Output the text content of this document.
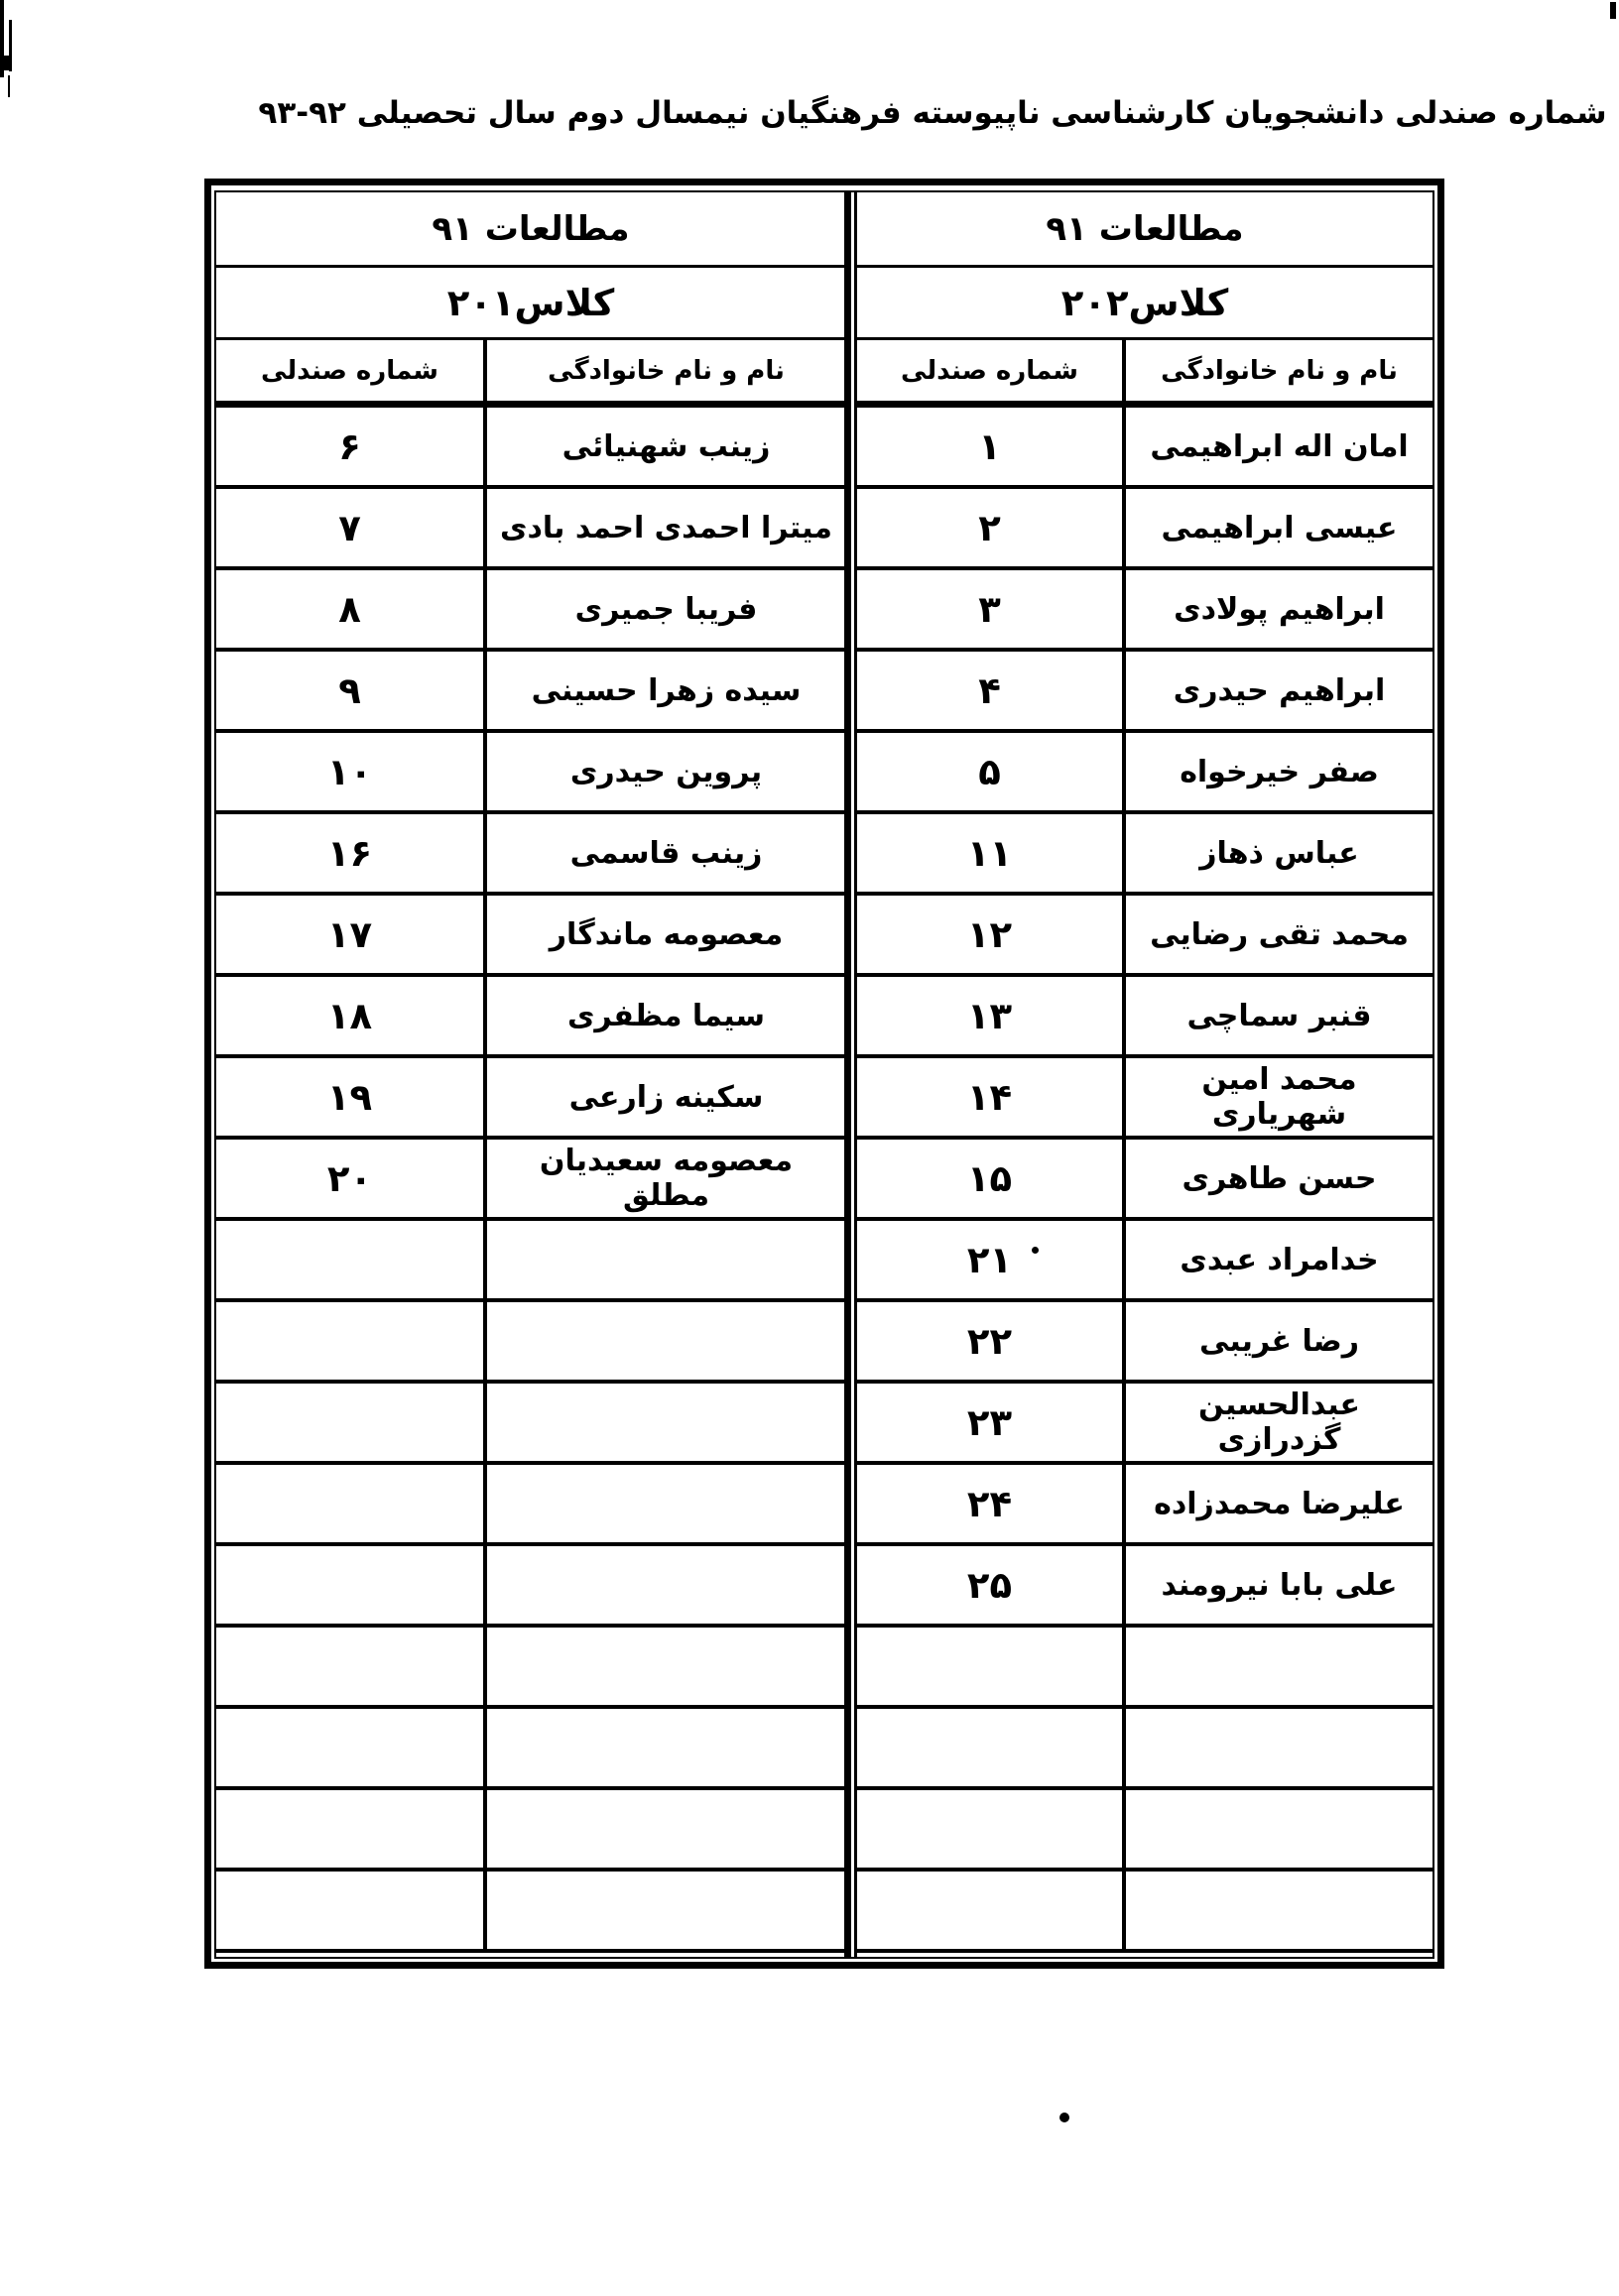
شماره صندلی دانشجویان کارشناسی ناپیوسته فرهنگیان نیمسال دوم سال تحصیلی ۹۲-۹۳
مطالعات ۹۱
کلاس۲۰۲
نام و نام خانوادگی
شماره صندلی
امان اله ابراهیمی
۱
عیسی ابراهیمی
۲
ابراهیم پولادی
۳
ابراهیم حیدری
۴
صفر خیرخواه
۵
عباس ذهاز
۱۱
محمد تقی رضایی
۱۲
قنبر سماچی
۱۳
محمد امین شهریاری
۱۴
حسن طاهری
۱۵
خدامراد عبدی
۲۱
رضا غریبی
۲۲
عبدالحسین گزدرازی
۲۳
علیرضا محمدزاده
۲۴
علی بابا نیرومند
۲۵
مطالعات ۹۱
کلاس۲۰۱
نام و نام خانوادگی
شماره صندلی
زینب شهنیائی
۶
میترا احمدی احمد بادی
۷
فریبا جمیری
۸
سیده زهرا حسینی
۹
پروین حیدری
۱۰
زینب قاسمی
۱۶
معصومه ماندگار
۱۷
سیما مظفری
۱۸
سکینه زارعی
۱۹
معصومه سعیدیان مطلق
۲۰
